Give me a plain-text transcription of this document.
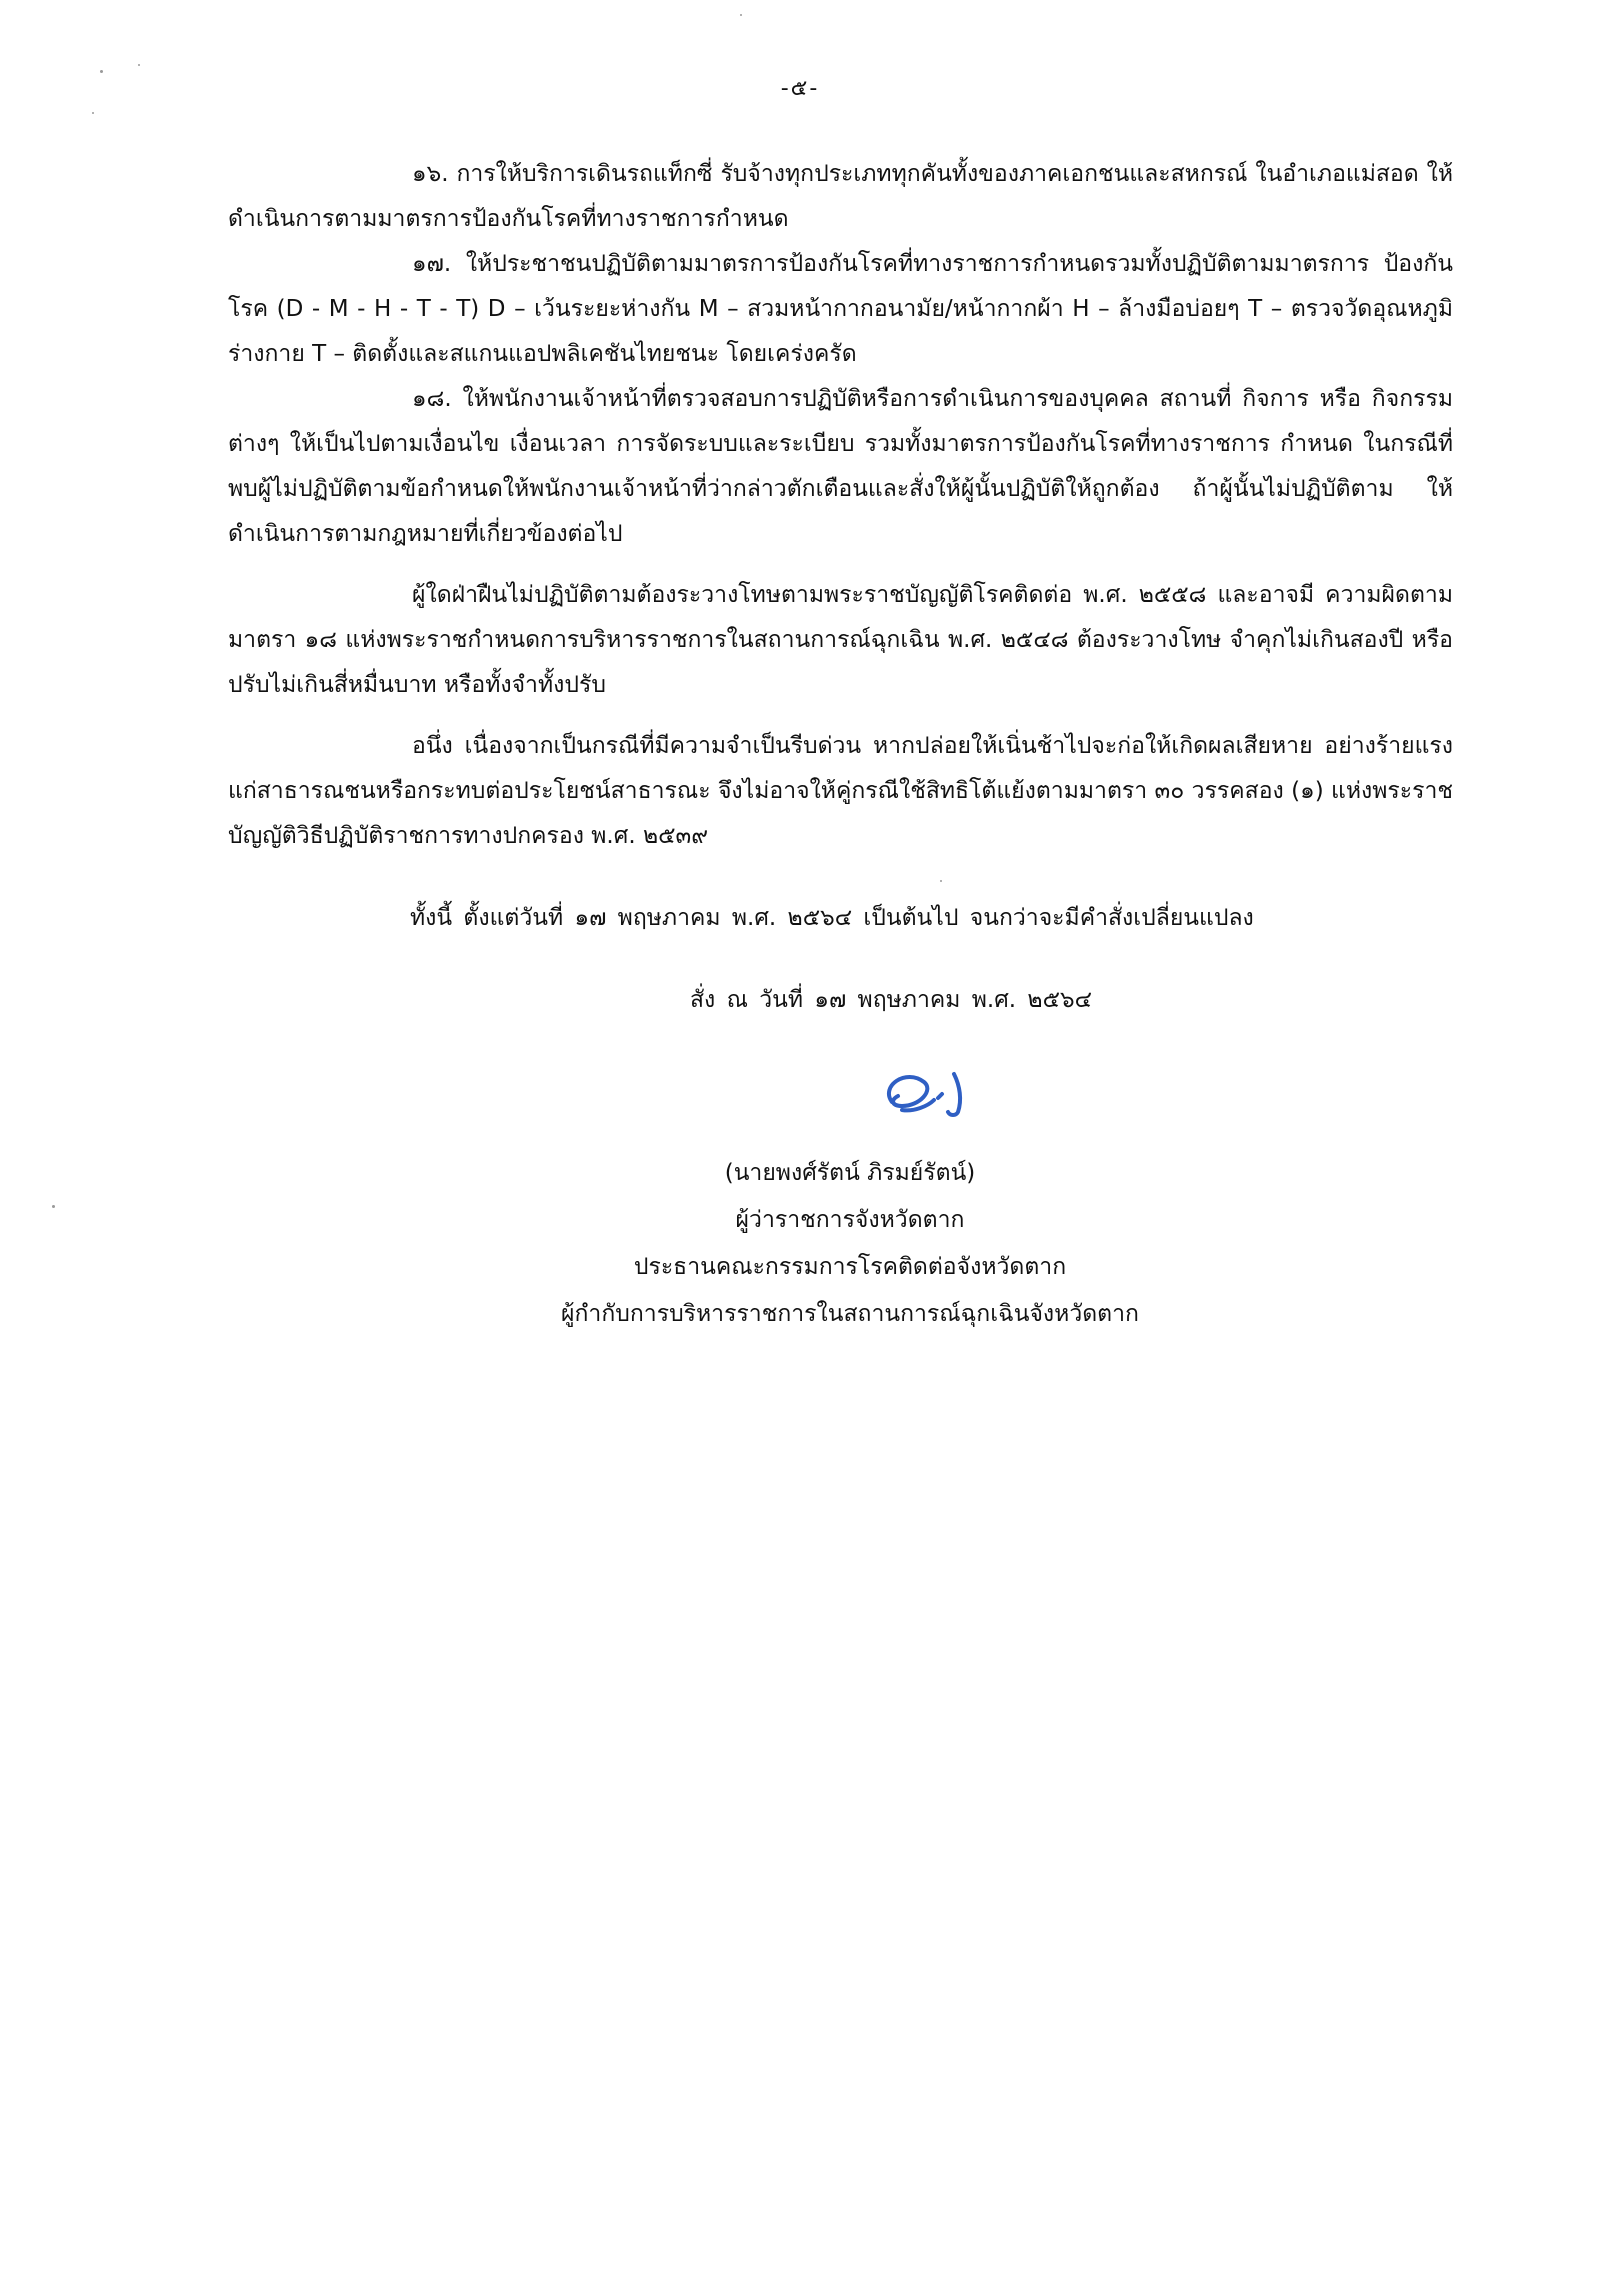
-๕-

๑๖. การให้บริการเดินรถแท็กซี่ รับจ้างทุกประเภททุกคันทั้งของภาคเอกชนและสหกรณ์ ในอำเภอแม่สอด ให้ดำเนินการตามมาตรการป้องกันโรคที่ทางราชการกำหนด

๑๗. ให้ประชาชนปฏิบัติตามมาตรการป้องกันโรคที่ทางราชการกำหนดรวมทั้งปฏิบัติตามมาตรการ ป้องกันโรค (D - M - H - T - T) D – เว้นระยะห่างกัน M – สวมหน้ากากอนามัย/หน้ากากผ้า H – ล้างมือบ่อยๆ T – ตรวจวัดอุณหภูมิร่างกาย T – ติดตั้งและสแกนแอปพลิเคชันไทยชนะ โดยเคร่งครัด

๑๘. ให้พนักงานเจ้าหน้าที่ตรวจสอบการปฏิบัติหรือการดำเนินการของบุคคล สถานที่ กิจการ หรือ กิจกรรมต่างๆ ให้เป็นไปตามเงื่อนไข เงื่อนเวลา การจัดระบบและระเบียบ รวมทั้งมาตรการป้องกันโรคที่ทางราชการ กำหนด ในกรณีที่พบผู้ไม่ปฏิบัติตามข้อกำหนดให้พนักงานเจ้าหน้าที่ว่ากล่าวตักเตือนและสั่งให้ผู้นั้นปฏิบัติให้ถูกต้อง ถ้าผู้นั้นไม่ปฏิบัติตาม ให้ดำเนินการตามกฎหมายที่เกี่ยวข้องต่อไป

ผู้ใดฝ่าฝืนไม่ปฏิบัติตามต้องระวางโทษตามพระราชบัญญัติโรคติดต่อ พ.ศ. ๒๕๕๘ และอาจมี ความผิดตามมาตรา ๑๘ แห่งพระราชกำหนดการบริหารราชการในสถานการณ์ฉุกเฉิน พ.ศ. ๒๕๔๘ ต้องระวางโทษ จำคุกไม่เกินสองปี หรือปรับไม่เกินสี่หมื่นบาท หรือทั้งจำทั้งปรับ

อนึ่ง เนื่องจากเป็นกรณีที่มีความจำเป็นรีบด่วน หากปล่อยให้เนิ่นช้าไปจะก่อให้เกิดผลเสียหาย อย่างร้ายแรงแก่สาธารณชนหรือกระทบต่อประโยชน์สาธารณะ จึงไม่อาจให้คู่กรณีใช้สิทธิโต้แย้งตามมาตรา ๓๐ วรรคสอง (๑) แห่งพระราชบัญญัติวิธีปฏิบัติราชการทางปกครอง พ.ศ. ๒๕๓๙

ทั้งนี้ ตั้งแต่วันที่ ๑๗ พฤษภาคม พ.ศ. ๒๕๖๔ เป็นต้นไป จนกว่าจะมีคำสั่งเปลี่ยนแปลง
สั่ง ณ วันที่ ๑๗ พฤษภาคม พ.ศ. ๒๕๖๔
(นายพงศ์รัตน์ ภิรมย์รัตน์)
ผู้ว่าราชการจังหวัดตาก
ประธานคณะกรรมการโรคติดต่อจังหวัดตาก
ผู้กำกับการบริหารราชการในสถานการณ์ฉุกเฉินจังหวัดตาก
